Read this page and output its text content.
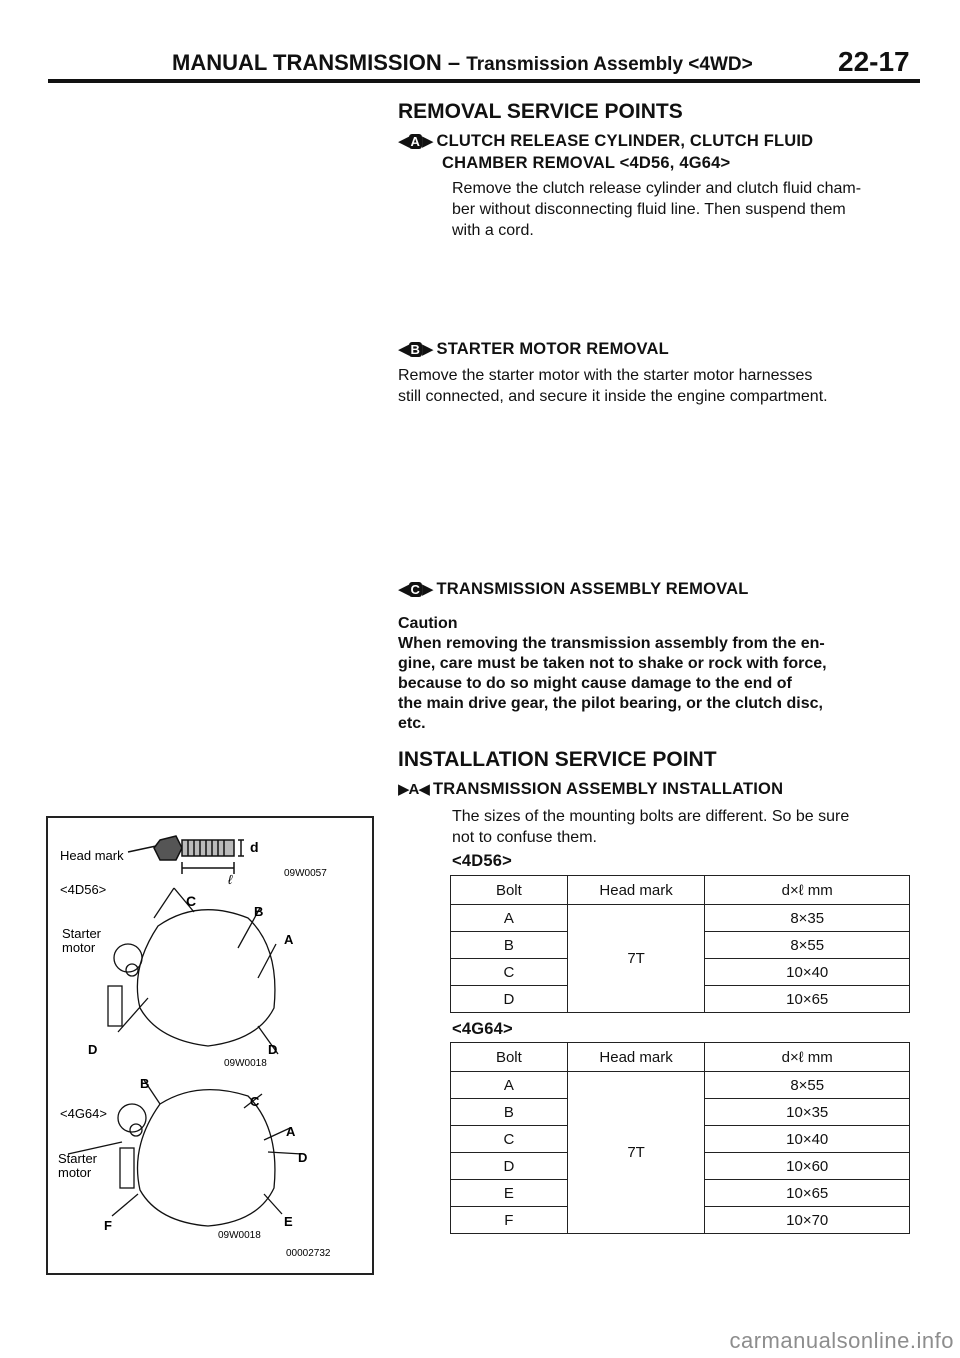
MANUAL TRANSMISSION – Transmission Assembly <4WD>	22-17
REMOVAL SERVICE POINTS
◀ A ▶ CLUTCH RELEASE CYLINDER, CLUTCH FLUID
CHAMBER REMOVAL <4D56, 4G64>
Remove the clutch release cylinder and clutch fluid cham-
ber without disconnecting fluid line. Then suspend them
with a cord.
◀ B ▶ STARTER MOTOR REMOVAL
Remove the starter motor with the starter motor harnesses
still connected, and secure it inside the engine compartment.
◀ C ▶ TRANSMISSION ASSEMBLY REMOVAL
Caution
When removing the transmission assembly from the en-
gine, care must be taken not to shake or rock with force,
because to do so might cause damage to the end of
the main drive gear, the pilot bearing, or the clutch disc,
etc.
INSTALLATION SERVICE POINT
▶A◀ TRANSMISSION ASSEMBLY INSTALLATION
The sizes of the mounting bolts are different. So be sure
not to confuse them.
<4D56>
Bolt	Head mark	d×ℓ mm
A	7T	8×35
B		8×55
C		10×40
D		10×65
<4G64>
Bolt	Head mark	d×ℓ mm
A	7T	8×55
B		10×35
C		10×40
D		10×60
E		10×65
F		10×70
Head mark
d
ℓ	09W0057
<4D56>
C
B
A
D	D
Starter
motor
09W0018
<4G64>
B
C
A
D
F	E
Starter
motor
09W0018
00002732
carmanualsonline.info
